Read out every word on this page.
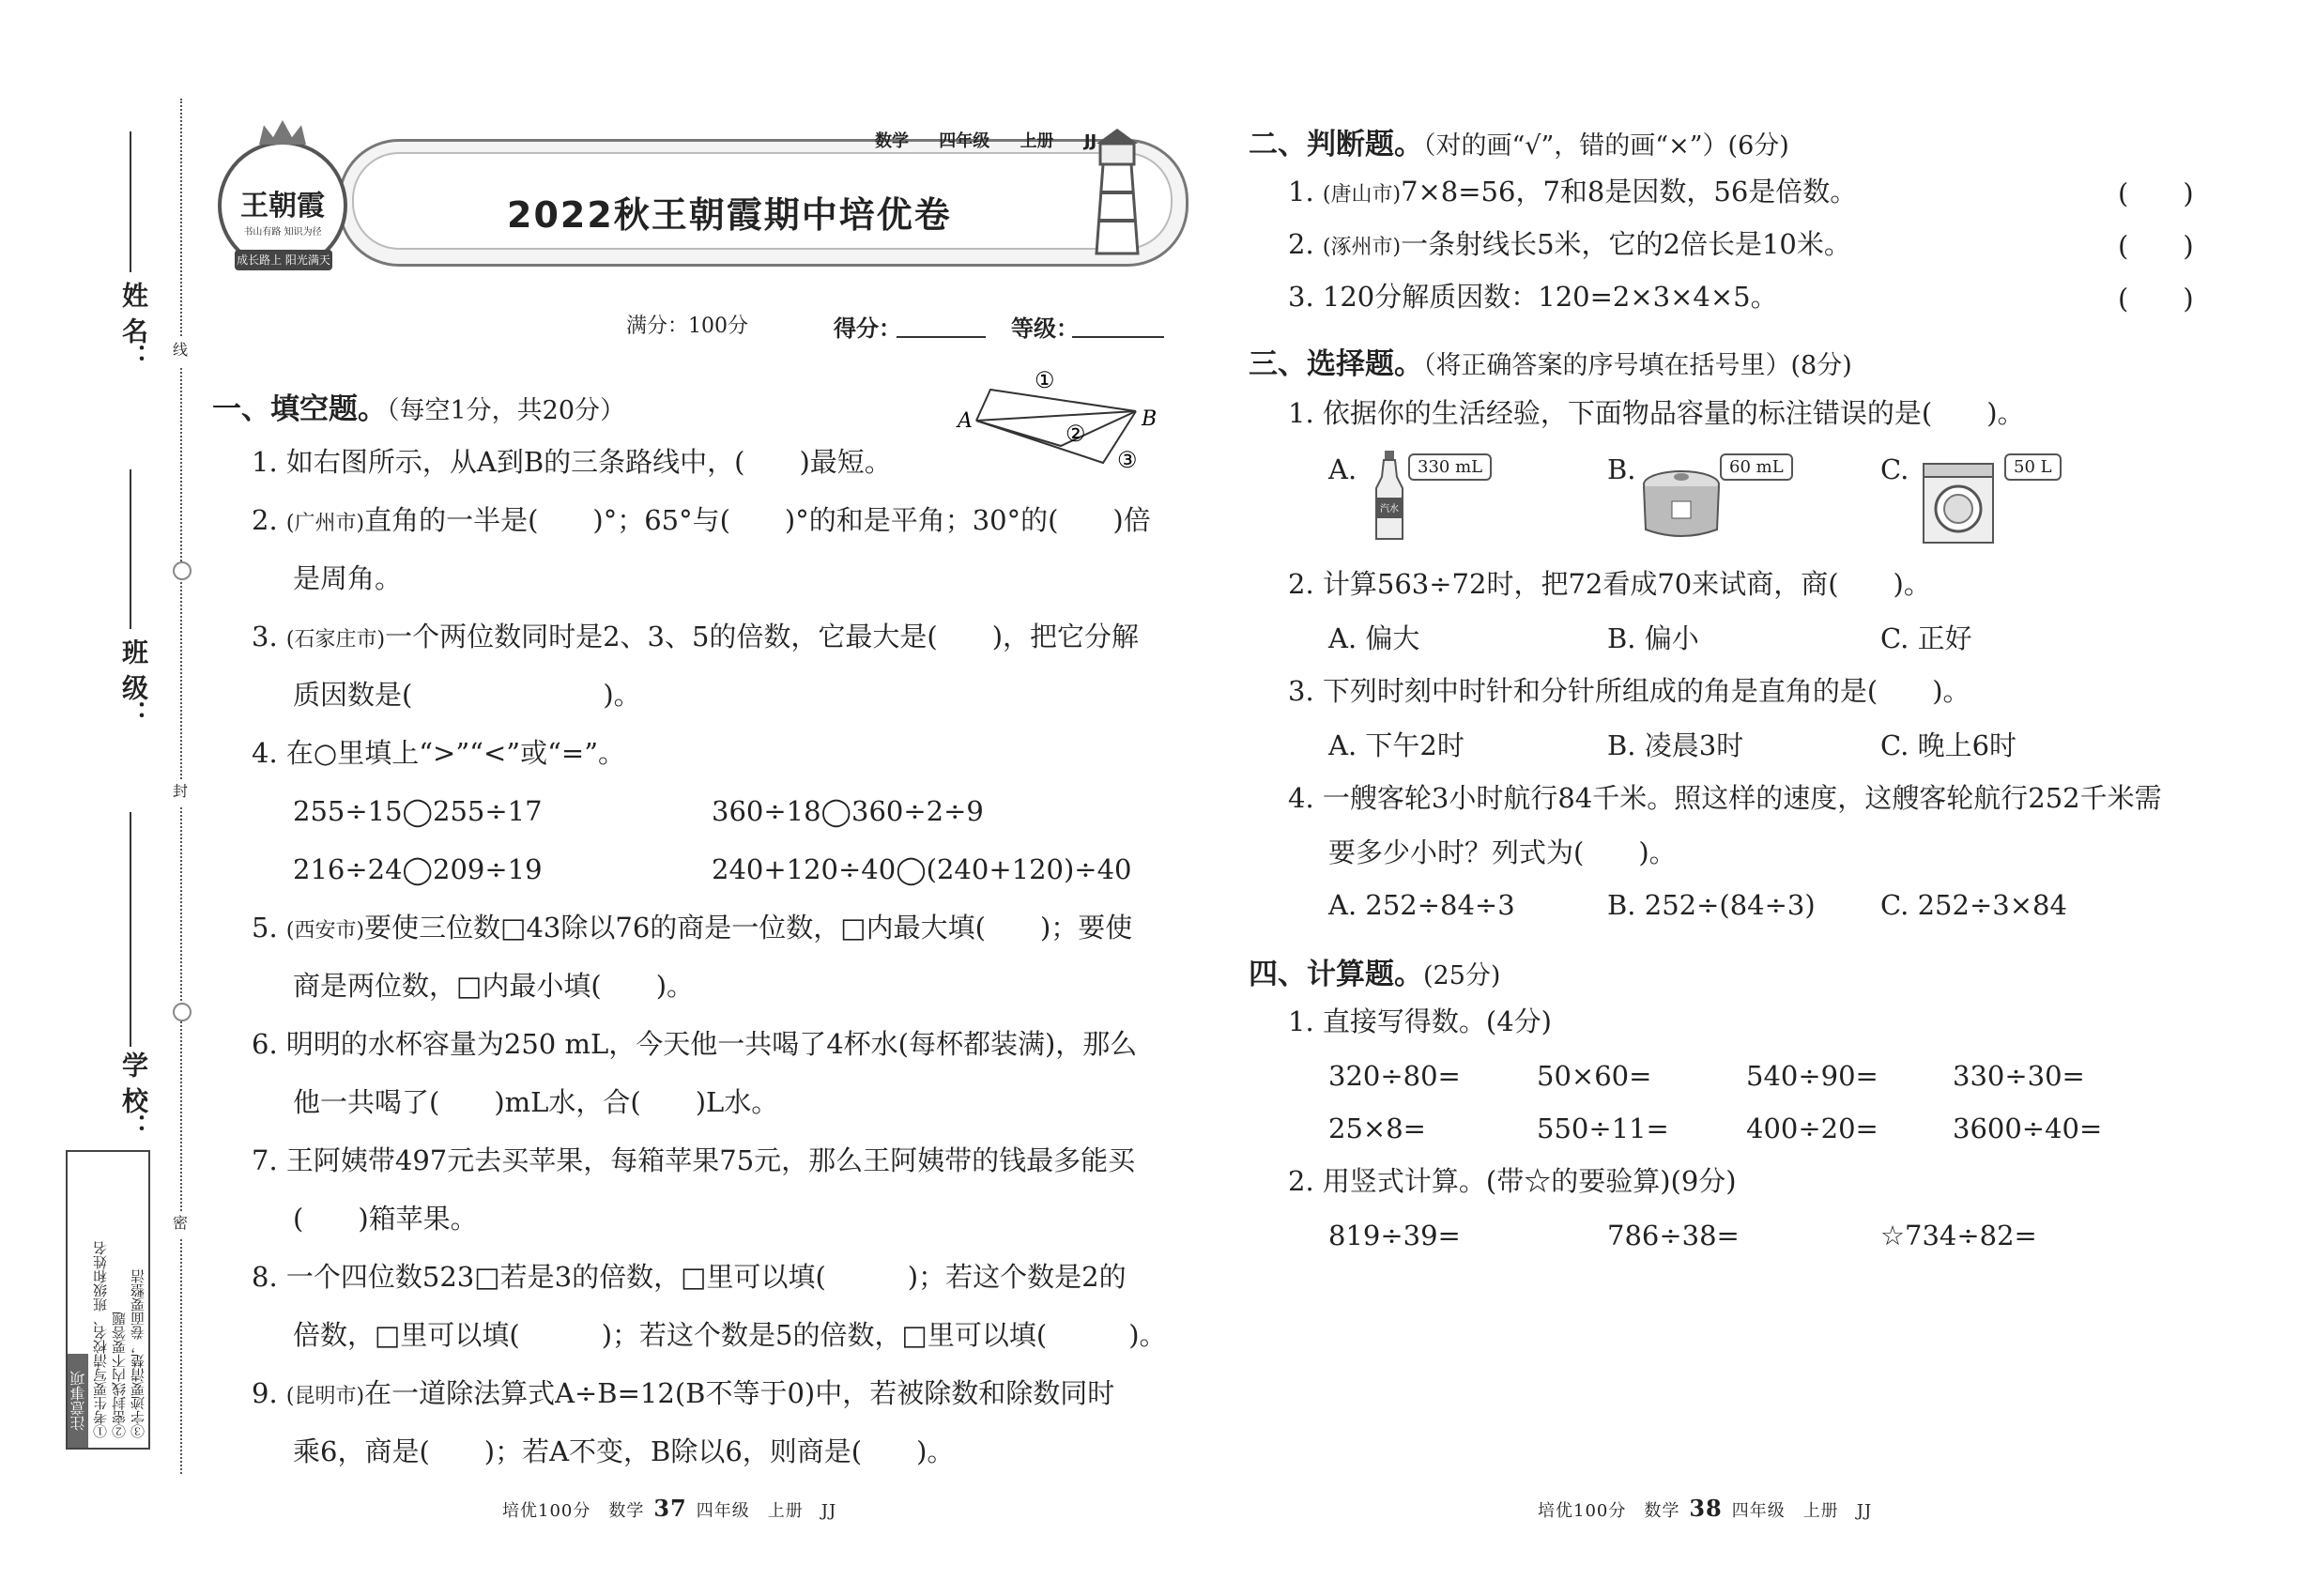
线
封
密
姓 名：
班 级：
学 校：
注意事项 ①考生要写清校名、班级和姓名 ②密封线内不要答题 ③字迹要清楚，卷面要整洁
王朝霞
书山有路 知识为径
成长路上 阳光满天
数学 四年级 上册 JJ
2022秋王朝霞期中培优卷
满分：100分	得分：	等级：
一、填空题。（每空1分，共20分）	A	B
①
②
③
1. 如右图所示，从A到B的三条路线中，(　　)最短。
2. (广州市)直角的一半是(　　)°；65°与(　　)°的和是平角；30°的(　　)倍
是周角。
3. (石家庄市)一个两位数同时是2、3、5的倍数，它最大是(　　)，把它分解
质因数是(　　　　　　　)。
4. 在○里填上“>”“<”或“=”。
255÷15◯255÷17	360÷18◯360÷2÷9
216÷24◯209÷19	240+120÷40◯(240+120)÷40
5. (西安市)要使三位数□43除以76的商是一位数，□内最大填(　　)；要使
商是两位数，□内最小填(　　)。
6. 明明的水杯容量为250 mL，今天他一共喝了4杯水(每杯都装满)，那么
他一共喝了(　　)mL水，合(　　)L水。
7. 王阿姨带497元去买苹果，每箱苹果75元，那么王阿姨带的钱最多能买
(　　)箱苹果。
8. 一个四位数523□若是3的倍数，□里可以填(　　　)；若这个数是2的
倍数，□里可以填(　　　)；若这个数是5的倍数，□里可以填(　　　)。
9. (昆明市)在一道除法算式A÷B=12(B不等于0)中，若被除数和除数同时
乘6，商是(　　)；若A不变，B除以6，则商是(　　)。
培优100分　数学 37 四年级　上册　JJ
二、判断题。（对的画“√”，错的画“×”）(6分)
1. (唐山市)7×8=56，7和8是因数，56是倍数。	(　　)
2. (涿州市)一条射线长5米，它的2倍长是10米。	(　　)
3. 120分解质因数：120=2×3×4×5。	(　　)
三、选择题。（将正确答案的序号填在括号里）(8分)
1. 依据你的生活经验，下面物品容量的标注错误的是(　　)。
A.
汽水
330 mL	B.	60 mL	C.	50 L
2. 计算563÷72时，把72看成70来试商，商(　　)。
A. 偏大	B. 偏小	C. 正好
3. 下列时刻中时针和分针所组成的角是直角的是(　　)。
A. 下午2时	B. 凌晨3时	C. 晚上6时
4. 一艘客轮3小时航行84千米。照这样的速度，这艘客轮航行252千米需
要多少小时？列式为(　　)。
A. 252÷84÷3	B. 252÷(84÷3) C. 252÷3×84
四、计算题。(25分)
1. 直接写得数。(4分)
320÷80=	50×60=	540÷90=	330÷30=
25×8=	550÷11=	400÷20=	3600÷40=
2. 用竖式计算。(带☆的要验算)(9分)
819÷39=	786÷38=	☆734÷82=
培优100分　数学 38 四年级　上册　JJ
